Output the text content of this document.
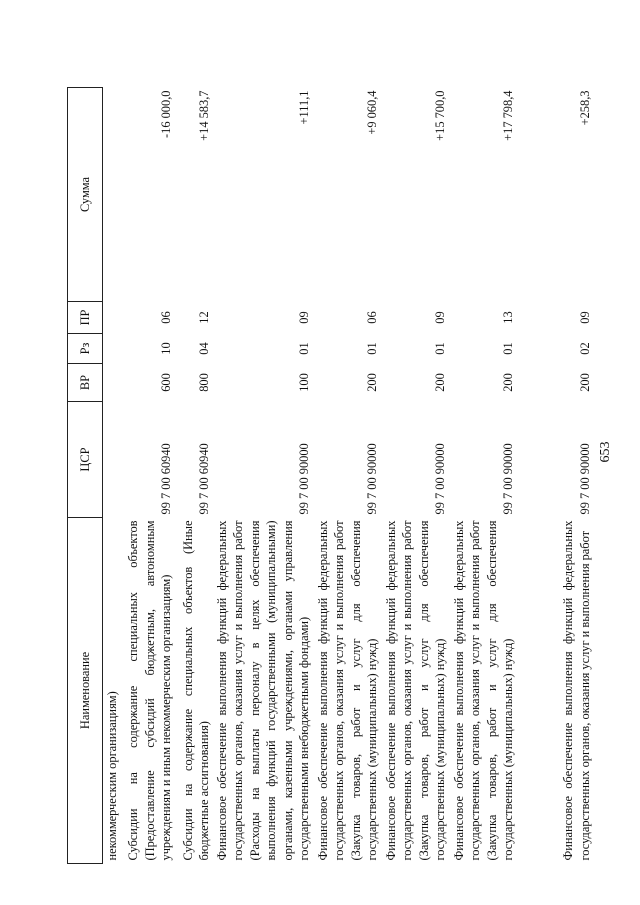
653
Наименование	ЦСР	ВР	Рз	ПР	Сумма
некоммерческим организациям)					
Субсидии на содержание специальных объектов (Предоставление субсидий бюджетным, автономным учреждениям и иным некоммерческим организациям)	99 7 00 60940	600	10	06	-16 000,0
Субсидии на содержание специальных объектов (Иные бюджетные ассигнования)	99 7 00 60940	800	04	12	+14 583,7
Финансовое обеспечение выполнения функций федеральных государственных органов, оказания услуг и выполнения работ (Расходы на выплаты персоналу в целях обеспечения выполнения функций государственными (муниципальными) органами, казенными учреждениями, органами управления государственными внебюджетными фондами)	99 7 00 90000	100	01	09	+111,1
Финансовое обеспечение выполнения функций федеральных государственных органов, оказания услуг и выполнения работ (Закупка товаров, работ и услуг для обеспечения государственных (муниципальных) нужд)	99 7 00 90000	200	01	06	+9 060,4
Финансовое обеспечение выполнения функций федеральных государственных органов, оказания услуг и выполнения работ (Закупка товаров, работ и услуг для обеспечения государственных (муниципальных) нужд)	99 7 00 90000	200	01	09	+15 700,0
Финансовое обеспечение выполнения функций федеральных государственных органов, оказания услуг и выполнения работ (Закупка товаров, работ и услуг для обеспечения государственных (муниципальных) нужд)	99 7 00 90000	200	01	13	+17 798,4
Финансовое обеспечение выполнения функций федеральных государственных органов, оказания услуг и выполнения работ	99 7 00 90000	200	02	09	+258,3
